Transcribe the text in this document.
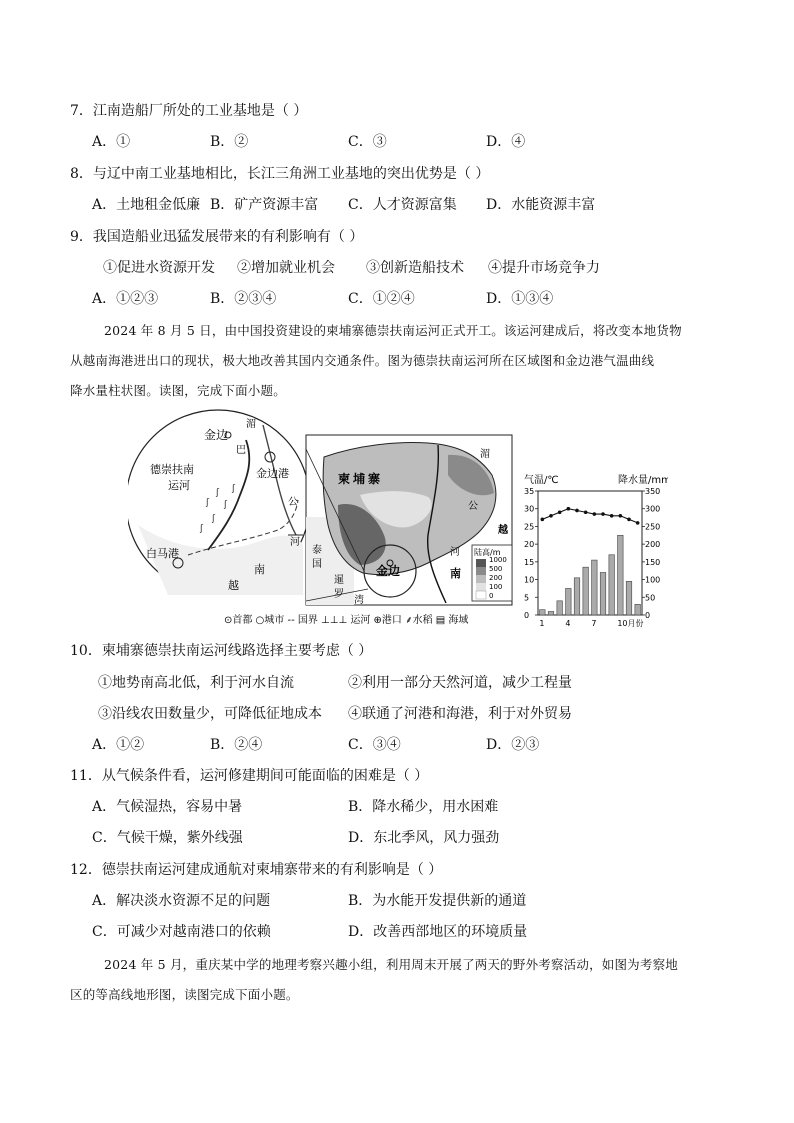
7．江南造船厂所处的工业基地是（ ）
A．①	B．②	C．③	D．④
8．与辽中南工业基地相比，长江三角洲工业基地的突出优势是（ ）
A．土地租金低廉 B．矿产资源丰富 C．人才资源富集 D．水能资源丰富
9．我国造船业迅猛发展带来的有利影响有（ ）
①促进水资源开发 ②增加就业机会 ③创新造船技术 ④提升市场竞争力
A．①②③	B．②③④	C．①②④	D．①③④
2024 年 8 月 5 日，由中国投资建设的柬埔寨德崇扶南运河正式开工。该运河建成后，将改变本地货物
从越南海港进出口的现状，极大地改善其国内交通条件。图为德崇扶南运河所在区域图和金边港气温曲线
降水量柱状图。读图，完成下面小题。
金边
德崇扶南
运河
金边港
白马港
越
南
湄
公
河
巴
ʃ
ʃ
ʃ
ʃ
ʃ
ʃ
柬埔寨
湄
公
河
越
南
泰
国
暹
罗
湾
金边
陆高/m
1000
500
200
100
0
⊙首都 ○城市 -- 国界 ⊥⊥⊥ 运河 ⊕港口 ⸙水稻 ▤ 海域
气温/℃	降水量/mm
35
30
25
20
15
10
5
0
350
300
250
200
150
100
50
0
1	4	7	10月份
10．柬埔寨德崇扶南运河线路选择主要考虑（ ）
①地势南高北低，利于河水自流	②利用一部分天然河道，减少工程量
③沿线农田数量少，可降低征地成本 ④联通了河港和海港，利于对外贸易
A．①②	B．②④	C．③④	D．②③
11．从气候条件看，运河修建期间可能面临的困难是（ ）
A．气候湿热，容易中暑	B．降水稀少，用水困难
C．气候干燥，紫外线强	D．东北季风，风力强劲
12．德崇扶南运河建成通航对柬埔寨带来的有利影响是（ ）
A．解决淡水资源不足的问题	B．为水能开发提供新的通道
C．可减少对越南港口的依赖	D．改善西部地区的环境质量
2024 年 5 月，重庆某中学的地理考察兴趣小组，利用周末开展了两天的野外考察活动，如图为考察地
区的等高线地形图，读图完成下面小题。
